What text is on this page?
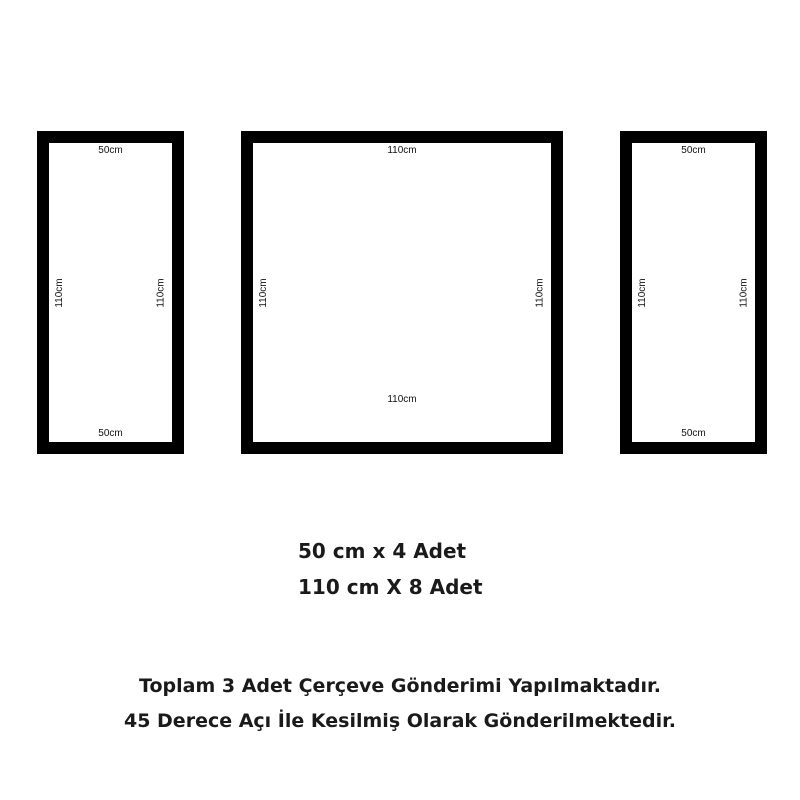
50cm
50cm
110cm	110cm
110cm
110cm
110cm	110cm
50cm
50cm
110cm	110cm
50 cm x 4 Adet
110 cm X 8 Adet
Toplam 3 Adet Çerçeve Gönderimi Yapılmaktadır.
45 Derece Açı İle Kesilmiş Olarak Gönderilmektedir.
